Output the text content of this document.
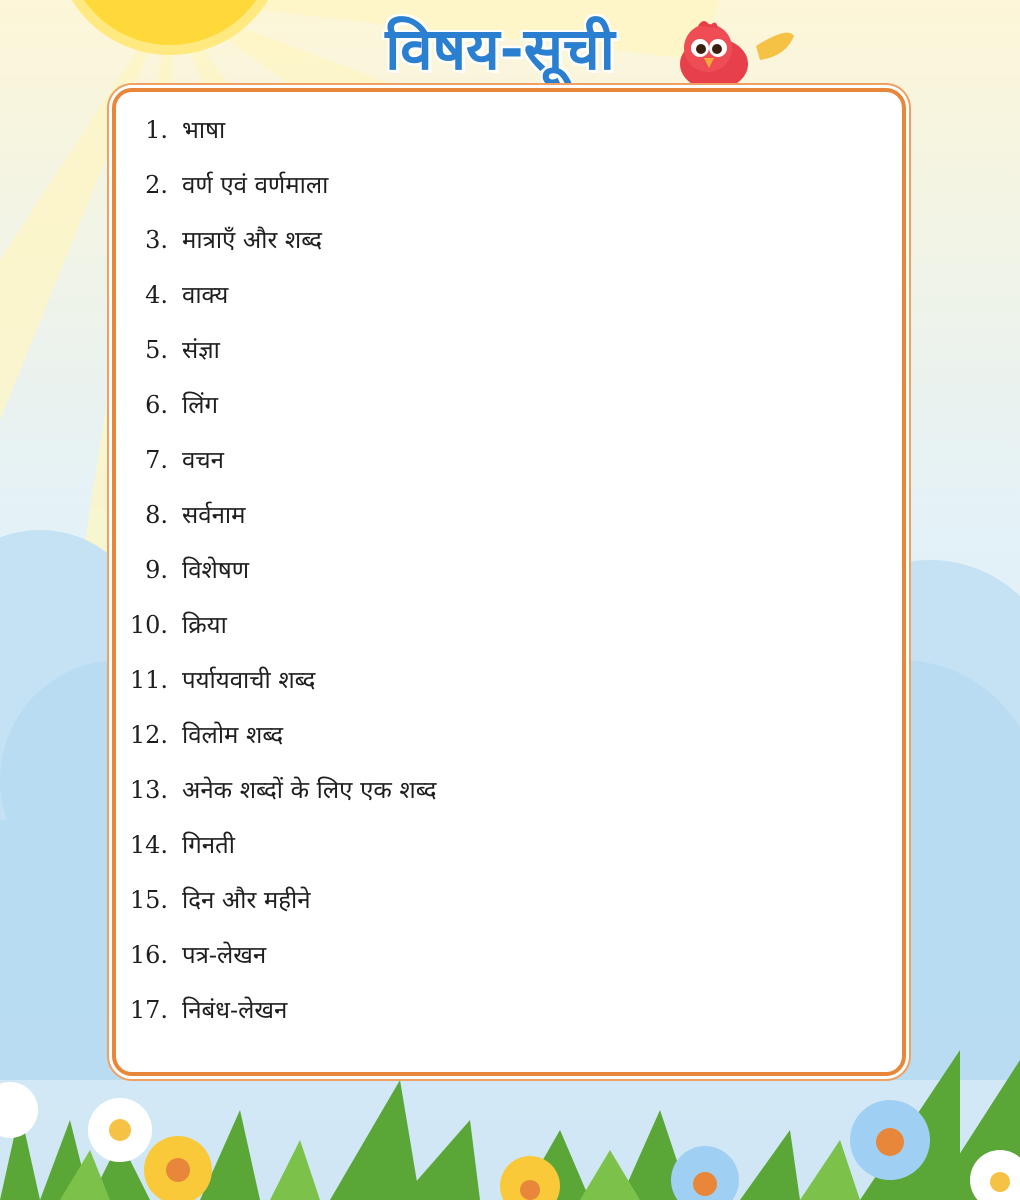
विषय-सूची
1. भाषा
2. वर्ण एवं वर्णमाला
3. मात्राएँ और शब्द
4. वाक्य
5. संज्ञा
6. लिंग
7. वचन
8. सर्वनाम
9. विशेषण
10. क्रिया
11. पर्यायवाची शब्द
12. विलोम शब्द
13. अनेक शब्दों के लिए एक शब्द
14. गिनती
15. दिन और महीने
16. पत्र-लेखन
17. निबंध-लेखन
